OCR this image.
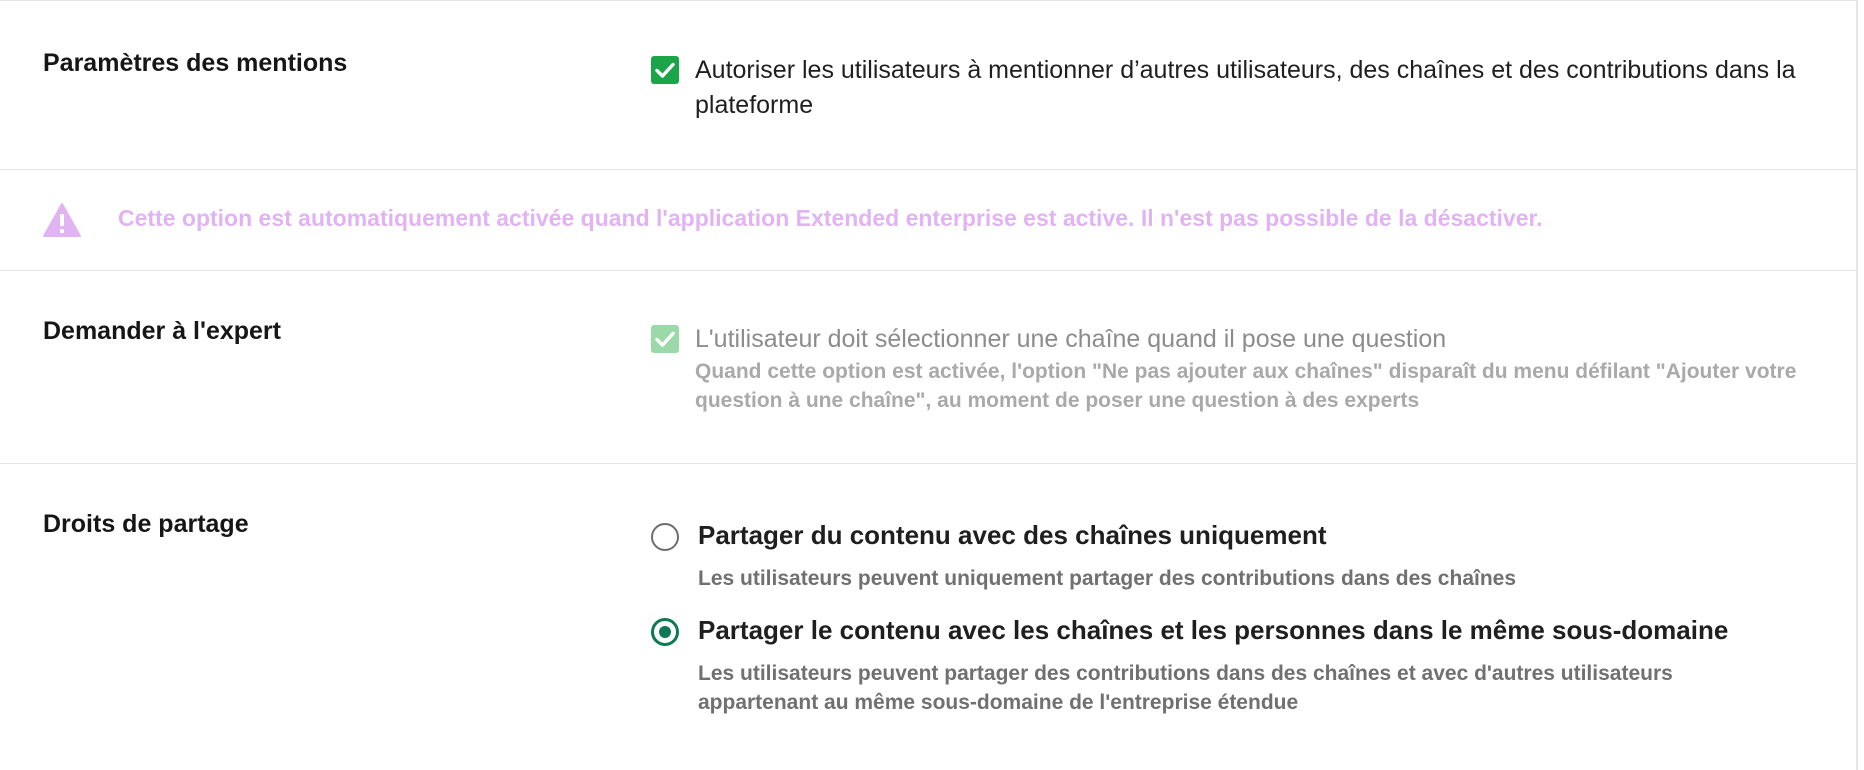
Paramètres des mentions	Autoriser les utilisateurs à mentionner d’autres utilisateurs, des chaînes et des contributions dans la plateforme
Cette option est automatiquement activée quand l'application Extended enterprise est active. Il n'est pas possible de la désactiver.
Demander à l'expert	L'utilisateur doit sélectionner une chaîne quand il pose une question
Quand cette option est activée, l'option "Ne pas ajouter aux chaînes" disparaît du menu défilant "Ajouter votre question à une chaîne", au moment de poser une question à des experts
Droits de partage	Partager du contenu avec des chaînes uniquement
Les utilisateurs peuvent uniquement partager des contributions dans des chaînes
Partager le contenu avec les chaînes et les personnes dans le même sous-domaine
Les utilisateurs peuvent partager des contributions dans des chaînes et avec d'autres utilisateurs appartenant au même sous-domaine de l'entreprise étendue
